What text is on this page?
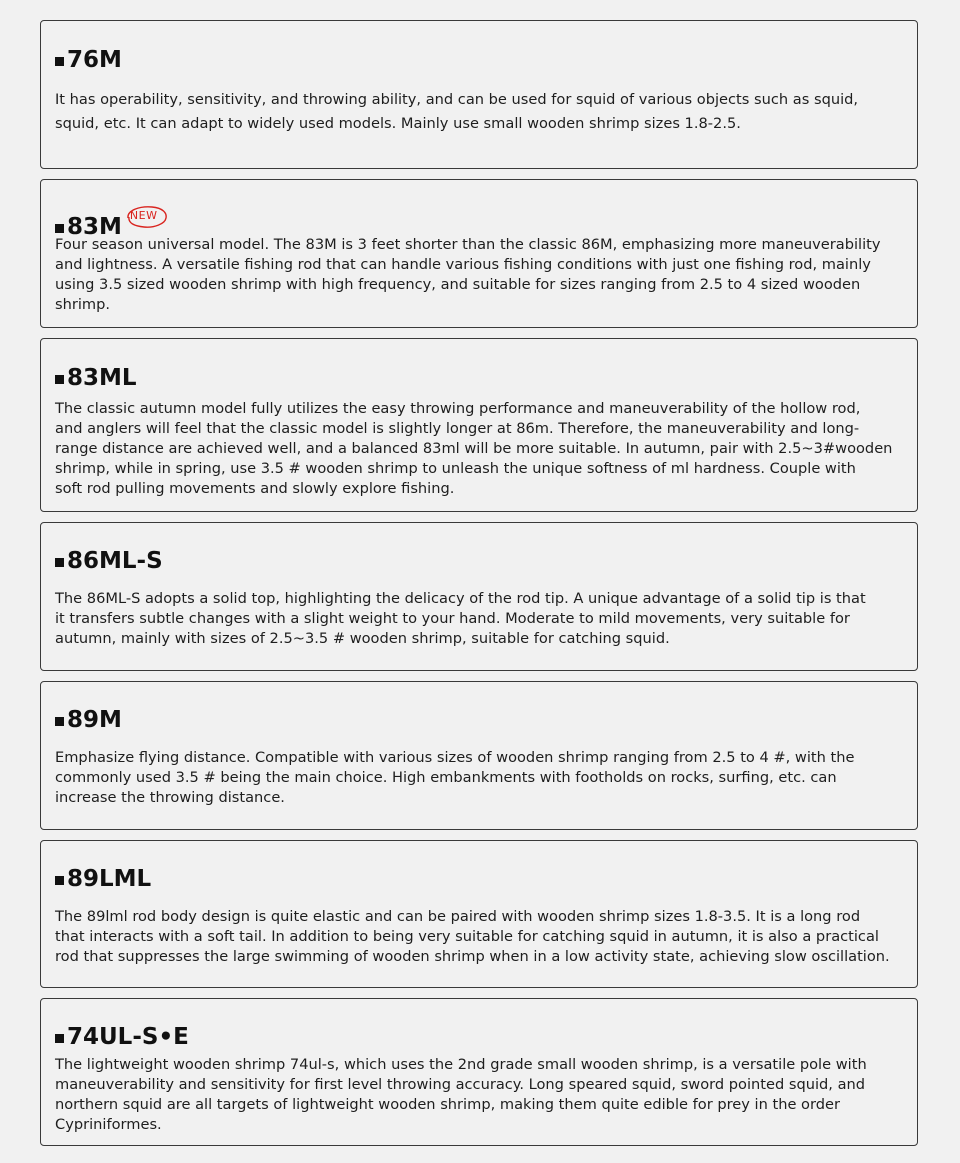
76M

It has operability, sensitivity, and throwing ability, and can be used for squid of various objects such as squid,
squid, etc. It can adapt to widely used models. Mainly use small wooden shrimp sizes 1.8-2.5.

83M NEW

Four season universal model. The 83M is 3 feet shorter than the classic 86M, emphasizing more maneuverability
and lightness. A versatile fishing rod that can handle various fishing conditions with just one fishing rod, mainly
using 3.5 sized wooden shrimp with high frequency, and suitable for sizes ranging from 2.5 to 4 sized wooden
shrimp.

83ML

The classic autumn model fully utilizes the easy throwing performance and maneuverability of the hollow rod,
and anglers will feel that the classic model is slightly longer at 86m. Therefore, the maneuverability and long-
range distance are achieved well, and a balanced 83ml will be more suitable. In autumn, pair with 2.5~3#wooden
shrimp, while in spring, use 3.5 # wooden shrimp to unleash the unique softness of ml hardness. Couple with
soft rod pulling movements and slowly explore fishing.

86ML-S

The 86ML-S adopts a solid top, highlighting the delicacy of the rod tip. A unique advantage of a solid tip is that
it transfers subtle changes with a slight weight to your hand. Moderate to mild movements, very suitable for
autumn, mainly with sizes of 2.5~3.5 # wooden shrimp, suitable for catching squid.

89M

Emphasize flying distance. Compatible with various sizes of wooden shrimp ranging from 2.5 to 4 #, with the
commonly used 3.5 # being the main choice. High embankments with footholds on rocks, surfing, etc. can
increase the throwing distance.

89LML

The 89lml rod body design is quite elastic and can be paired with wooden shrimp sizes 1.8-3.5. It is a long rod
that interacts with a soft tail. In addition to being very suitable for catching squid in autumn, it is also a practical
rod that suppresses the large swimming of wooden shrimp when in a low activity state, achieving slow oscillation.

74UL-S•E

The lightweight wooden shrimp 74ul-s, which uses the 2nd grade small wooden shrimp, is a versatile pole with
maneuverability and sensitivity for first level throwing accuracy. Long speared squid, sword pointed squid, and
northern squid are all targets of lightweight wooden shrimp, making them quite edible for prey in the order
Cypriniformes.
